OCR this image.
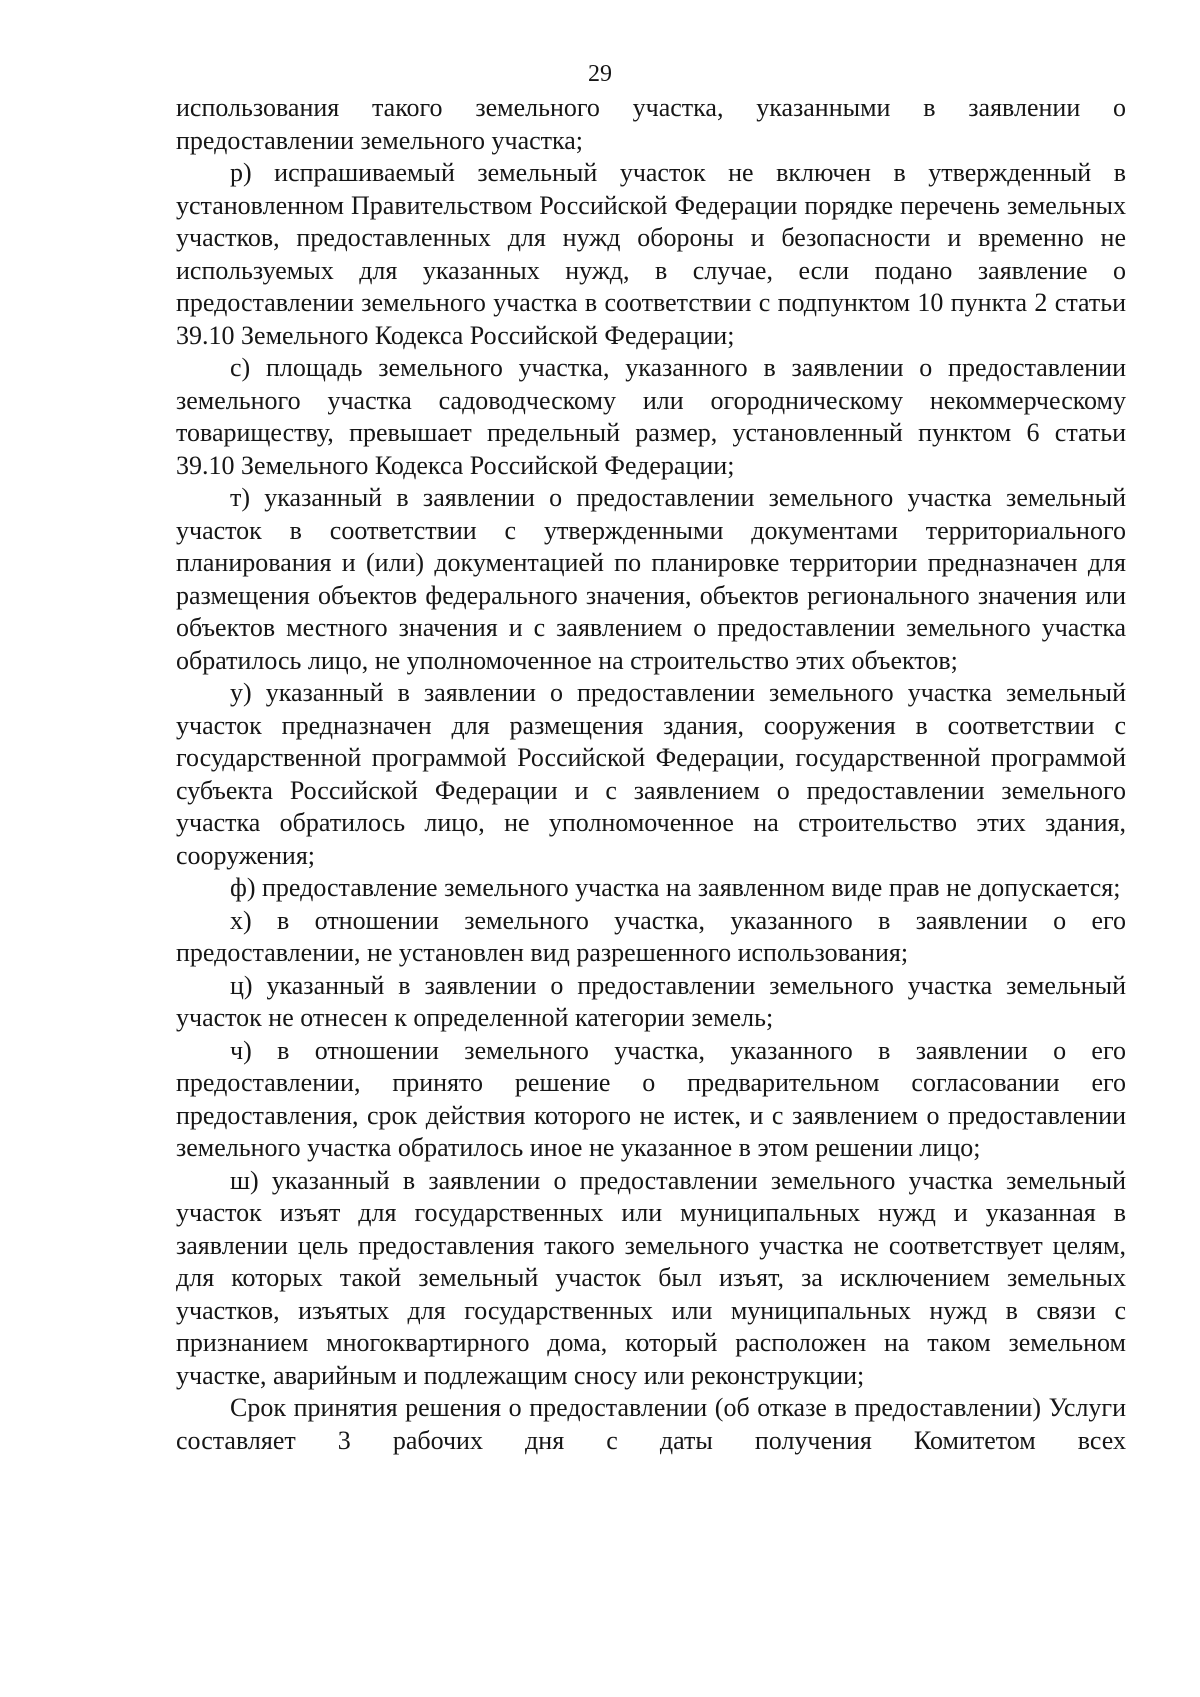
29

использования такого земельного участка, указанными в заявлении о предоставлении земельного участка;

р) испрашиваемый земельный участок не включен в утвержденный в установленном Правительством Российской Федерации порядке перечень земельных участков, предоставленных для нужд обороны и безопасности и временно не используемых для указанных нужд, в случае, если подано заявление о предоставлении земельного участка в соответствии с подпунктом 10 пункта 2 статьи 39.10 Земельного Кодекса Российской Федерации;

с) площадь земельного участка, указанного в заявлении о предоставлении земельного участка садоводческому или огородническому некоммерческому товариществу, превышает предельный размер, установленный пунктом 6 статьи 39.10 Земельного Кодекса Российской Федерации;

т) указанный в заявлении о предоставлении земельного участка земельный участок в соответствии с утвержденными документами территориального планирования и (или) документацией по планировке территории предназначен для размещения объектов федерального значения, объектов регионального значения или объектов местного значения и с заявлением о предоставлении земельного участка обратилось лицо, не уполномоченное на строительство этих объектов;

у) указанный в заявлении о предоставлении земельного участка земельный участок предназначен для размещения здания, сооружения в соответствии с государственной программой Российской Федерации, государственной программой субъекта Российской Федерации и с заявлением о предоставлении земельного участка обратилось лицо, не уполномоченное на строительство этих здания, сооружения;

ф) предоставление земельного участка на заявленном виде прав не допускается;

х) в отношении земельного участка, указанного в заявлении о его предоставлении, не установлен вид разрешенного использования;

ц) указанный в заявлении о предоставлении земельного участка земельный участок не отнесен к определенной категории земель;

ч) в отношении земельного участка, указанного в заявлении о его предоставлении, принято решение о предварительном согласовании его предоставления, срок действия которого не истек, и с заявлением о предоставлении земельного участка обратилось иное не указанное в этом решении лицо;

ш) указанный в заявлении о предоставлении земельного участка земельный участок изъят для государственных или муниципальных нужд и указанная в заявлении цель предоставления такого земельного участка не соответствует целям, для которых такой земельный участок был изъят, за исключением земельных участков, изъятых для государственных или муниципальных нужд в связи с признанием многоквартирного дома, который расположен на таком земельном участке, аварийным и подлежащим сносу или реконструкции;

Срок принятия решения о предоставлении (об отказе в предоставлении) Услуги составляет 3 рабочих дня с даты получения Комитетом всех
